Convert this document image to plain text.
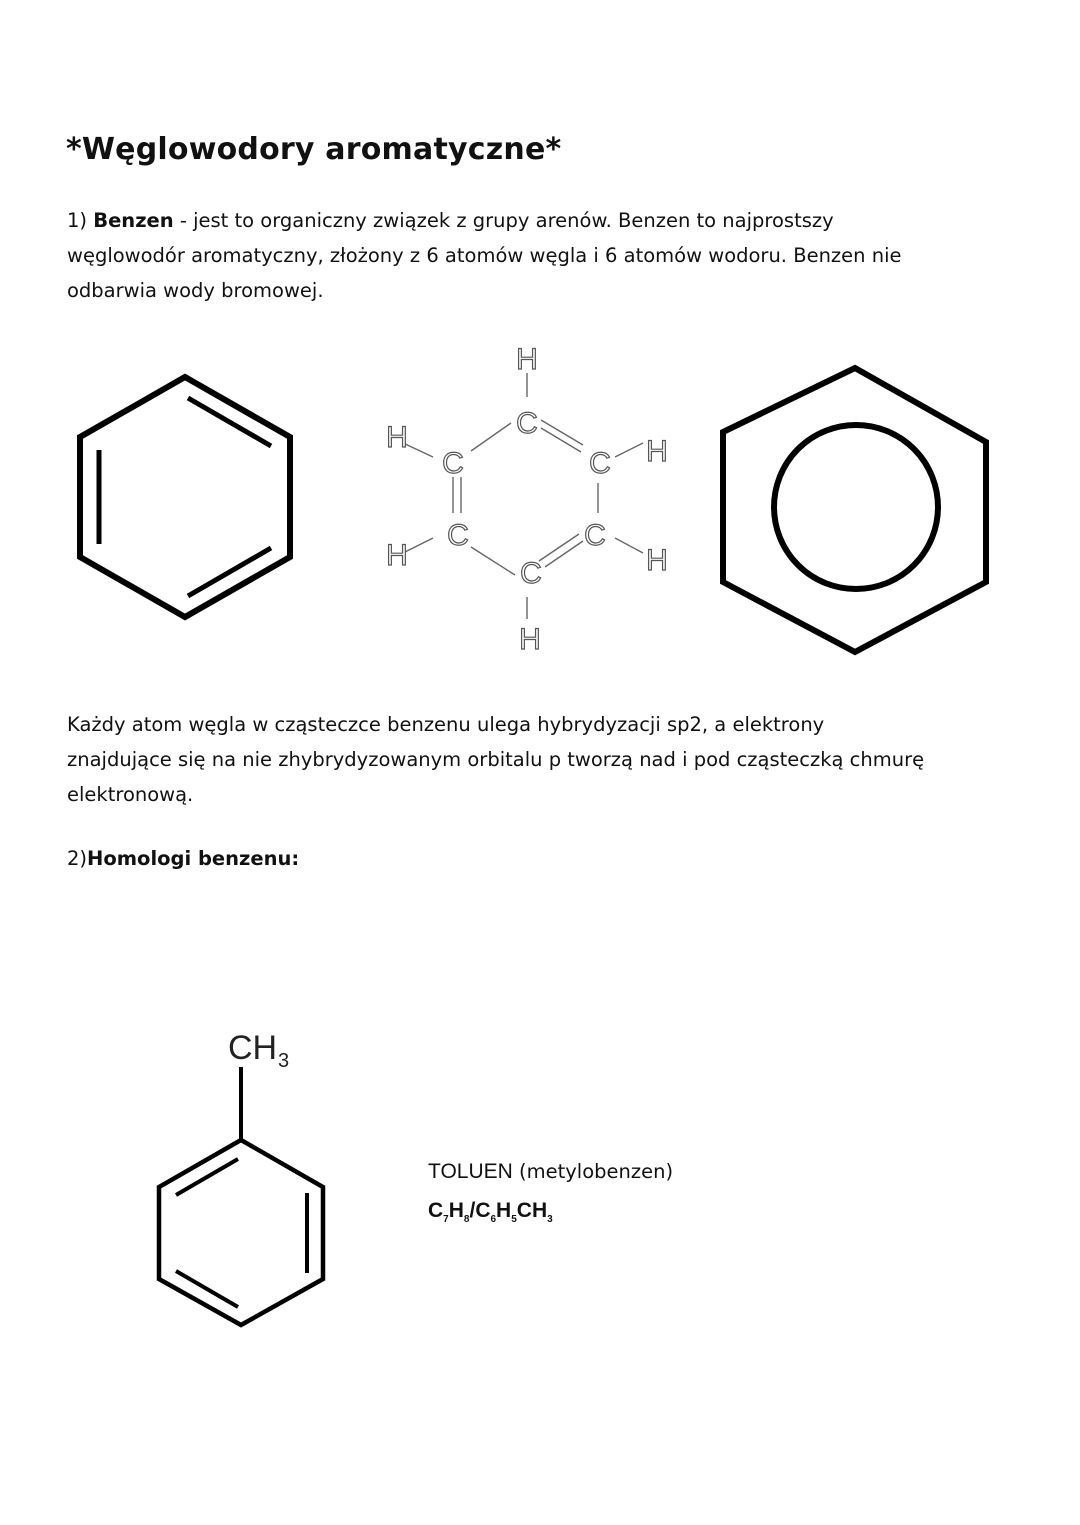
*Węglowodory aromatyczne*
1) Benzen - jest to organiczny związek z grupy arenów. Benzen to najprostszy
węglowodór aromatyczny, złożony z 6 atomów węgla i 6 atomów wodoru. Benzen nie
odbarwia wody bromowej.
H
C
H
C	C H
H
C	C
H
C
H
Każdy atom węgla w cząsteczce benzenu ulega hybrydyzacji sp2, a elektrony
znajdujące się na nie zhybrydyzowanym orbitalu p tworzą nad i pod cząsteczką chmurę
elektronową.
2)Homologi benzenu:
CH 3
TOLUEN (metylobenzen)
$C_7H_8/C_6H_5CH_3$
